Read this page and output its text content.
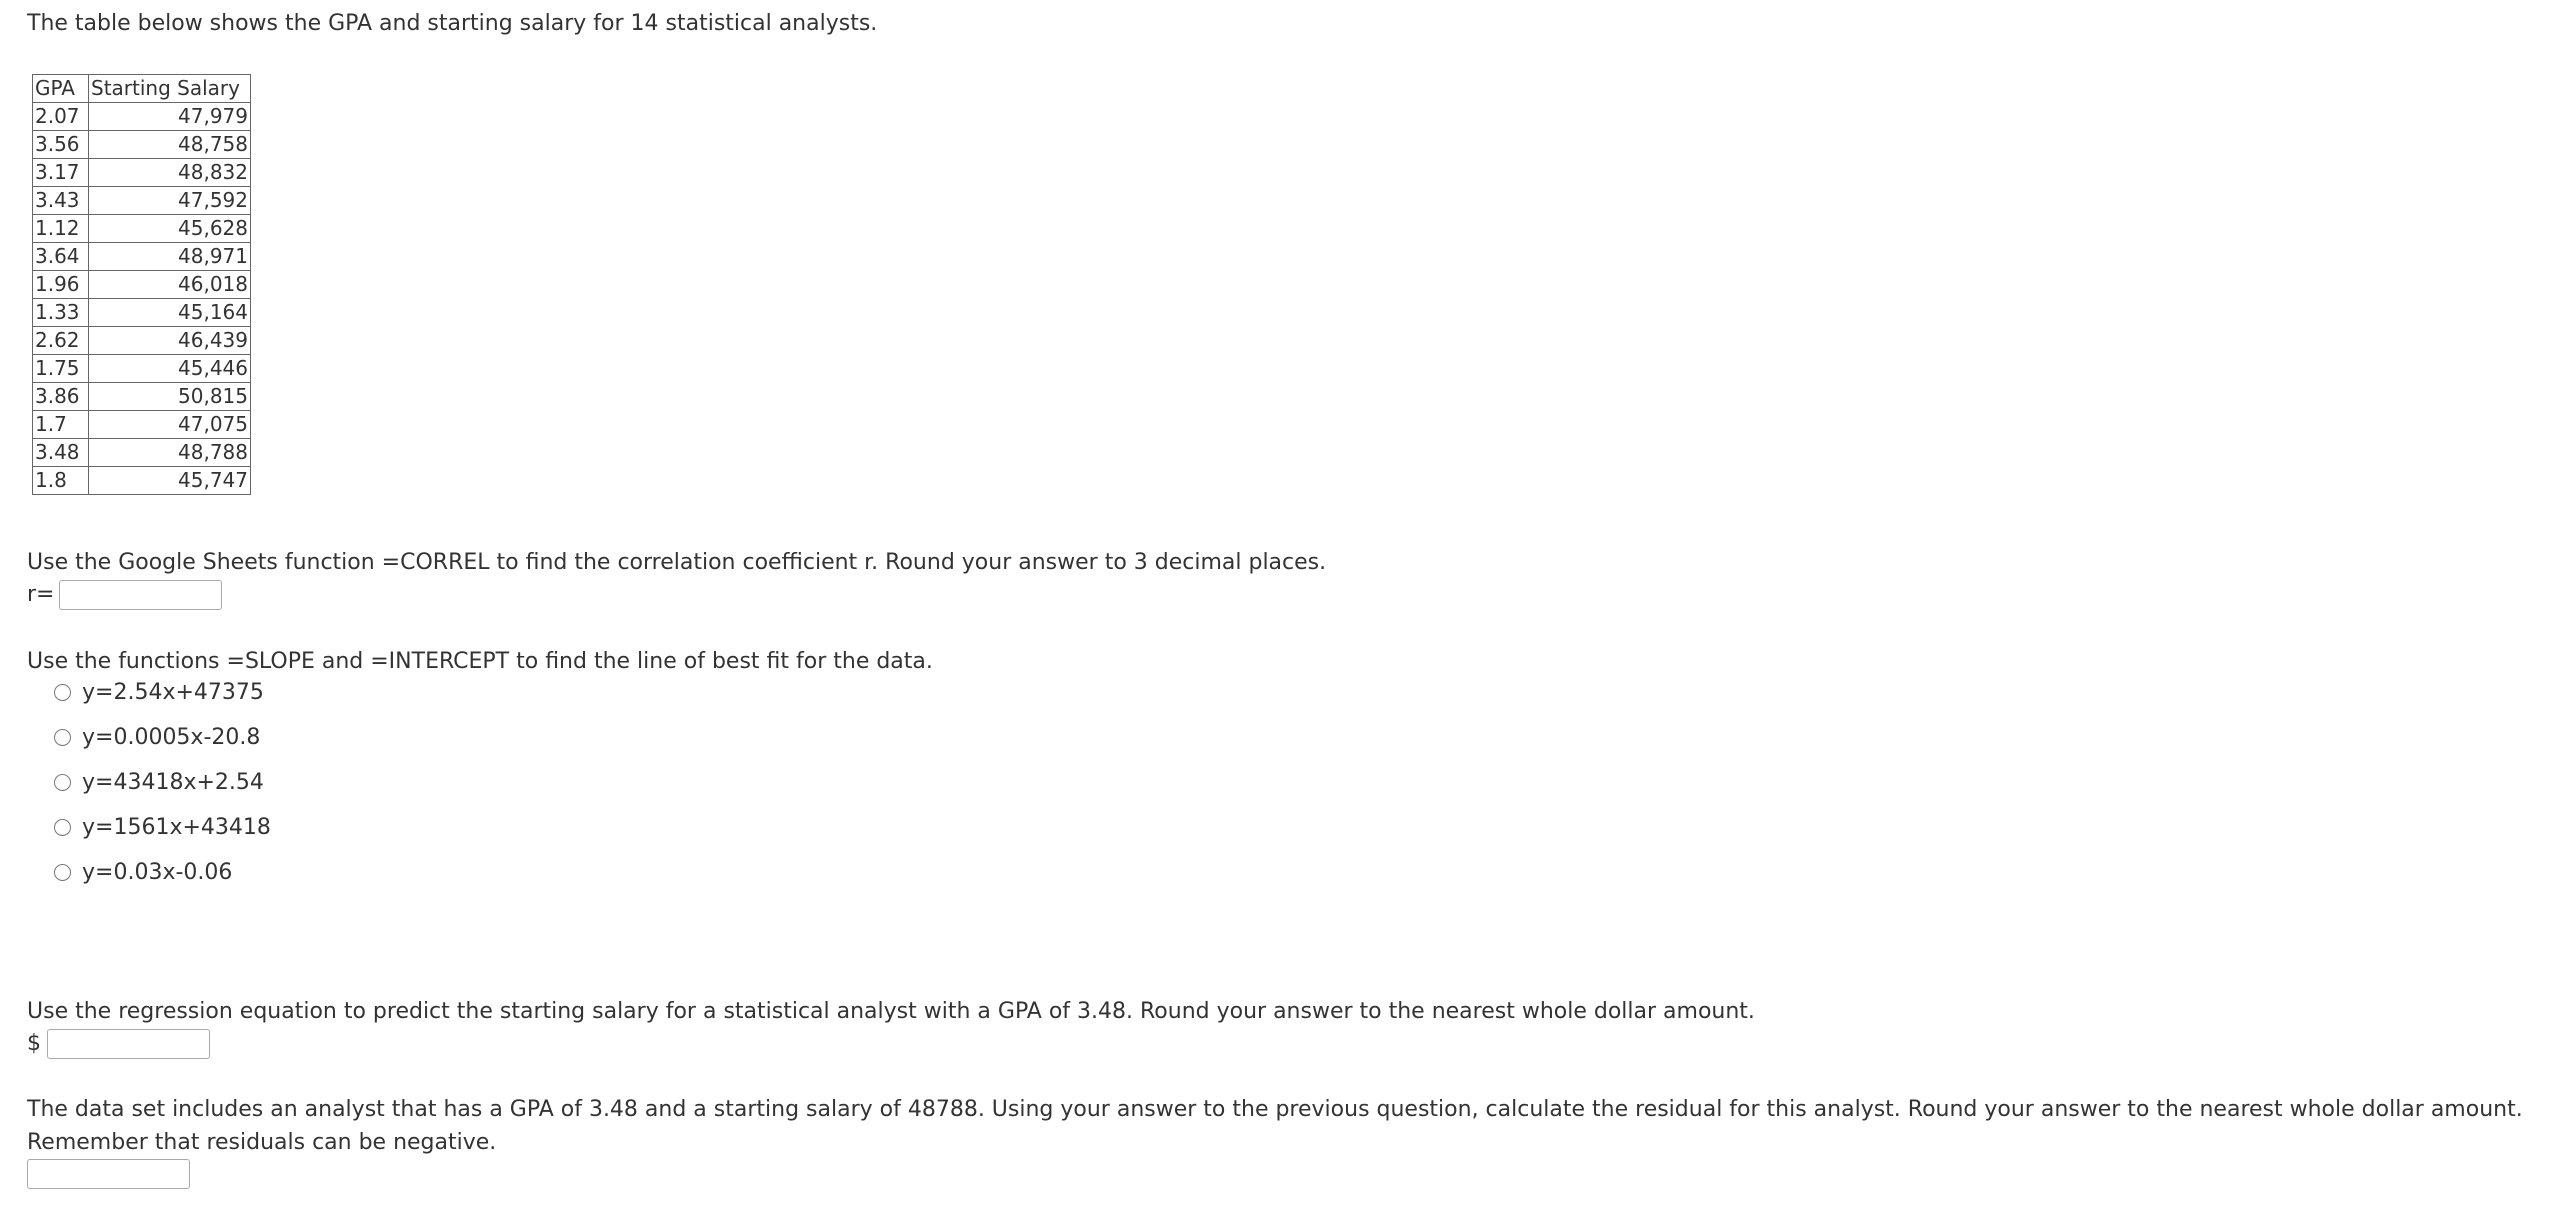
The table below shows the GPA and starting salary for 14 statistical analysts.
GPA	Starting Salary
2.07	47,979
3.56	48,758
3.17	48,832
3.43	47,592
1.12	45,628
3.64	48,971
1.96	46,018
1.33	45,164
2.62	46,439
1.75	45,446
3.86	50,815
1.7	47,075
3.48	48,788
1.8	45,747
Use the Google Sheets function =CORREL to find the correlation coefficient r. Round your answer to 3 decimal places.
r=
Use the functions =SLOPE and =INTERCEPT to find the line of best fit for the data.
y=2.54x+47375
y=0.0005x-20.8
y=43418x+2.54
y=1561x+43418
y=0.03x-0.06
Use the regression equation to predict the starting salary for a statistical analyst with a GPA of 3.48. Round your answer to the nearest whole dollar amount.
$
The data set includes an analyst that has a GPA of 3.48 and a starting salary of 48788. Using your answer to the previous question, calculate the residual for this analyst. Round your answer to the nearest whole dollar amount. Remember that residuals can be negative.
